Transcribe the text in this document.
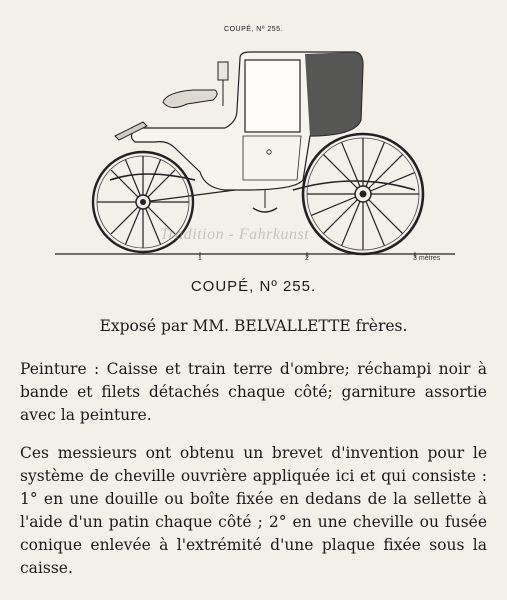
COUPÉ, Nº 255.
Tradition - Fahrkunst
1	2	3 mètres
COUPÉ, Nº 255.
Exposé par MM. BELVALLETTE frères.

Peinture : Caisse et train terre d'ombre; réchampi noir à bande et filets détachés chaque côté; garniture assortie avec la peinture.

Ces messieurs ont obtenu un brevet d'invention pour le système de cheville ouvrière appliquée ici et qui consiste : 1° en une douille ou boîte fixée en dedans de la sellette à l'aide d'un patin chaque côté ; 2° en une cheville ou fusée conique enlevée à l'extrémité d'une plaque fixée sous la caisse.
